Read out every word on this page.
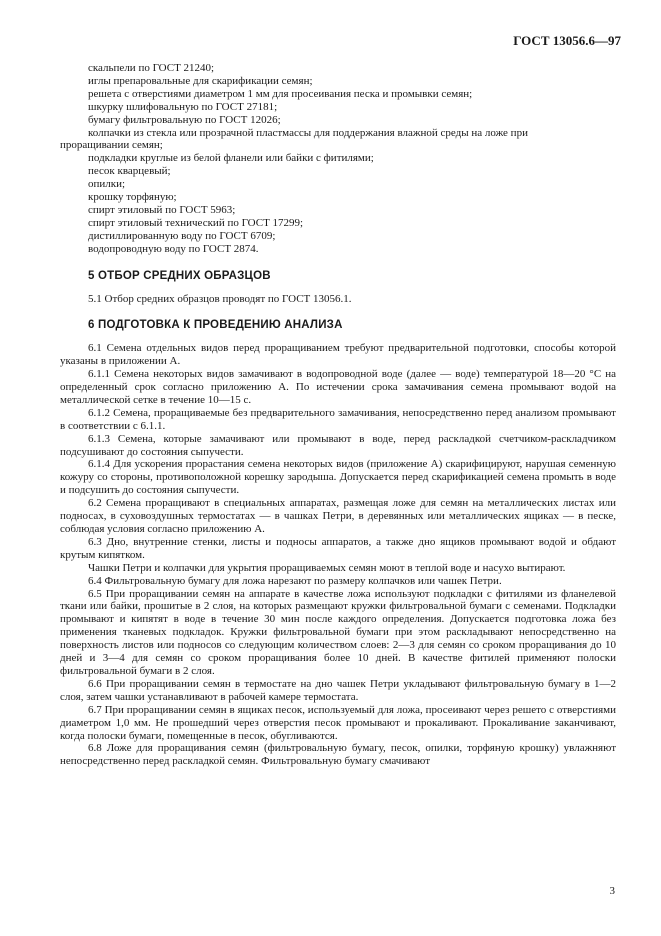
ГОСТ 13056.6—97
скальпели по ГОСТ 21240;
иглы препаровальные для скарификации семян;
решета с отверстиями диаметром 1 мм для просеивания песка и промывки семян;
шкурку шлифовальную по ГОСТ 27181;
бумагу фильтровальную по ГОСТ 12026;
колпачки из стекла или прозрачной пластмассы для поддержания влажной среды на ложе при
проращивании семян;
подкладки круглые из белой фланели или байки с фитилями;
песок кварцевый;
опилки;
крошку торфяную;
спирт этиловый по ГОСТ 5963;
спирт этиловый технический по ГОСТ 17299;
дистиллированную воду по ГОСТ 6709;
водопроводную воду по ГОСТ 2874.
5 ОТБОР СРЕДНИХ ОБРАЗЦОВ

5.1 Отбор средних образцов проводят по ГОСТ 13056.1.

6 ПОДГОТОВКА К ПРОВЕДЕНИЮ АНАЛИЗА

6.1 Семена отдельных видов перед проращиванием требуют предварительной подготовки, способы которой указаны в приложении А.

6.1.1 Семена некоторых видов замачивают в водопроводной воде (далее — воде) температурой 18—20 °С на определенный срок согласно приложению А. По истечении срока замачивания семена промывают водой на металлической сетке в течение 10—15 с.

6.1.2 Семена, проращиваемые без предварительного замачивания, непосредственно перед анализом промывают в соответствии с 6.1.1.

6.1.3 Семена, которые замачивают или промывают в воде, перед раскладкой счетчиком-раскладчиком подсушивают до состояния сыпучести.

6.1.4 Для ускорения прорастания семена некоторых видов (приложение А) скарифицируют, нарушая семенную кожуру со стороны, противоположной корешку зародыша. Допускается перед скарификацией семена промыть в воде и подсушить до состояния сыпучести.

6.2 Семена проращивают в специальных аппаратах, размещая ложе для семян на металлических листах или подносах, в суховоздушных термостатах — в чашках Петри, в деревянных или металлических ящиках — в песке, соблюдая условия согласно приложению А.

6.3 Дно, внутренние стенки, листы и подносы аппаратов, а также дно ящиков промывают водой и обдают крутым кипятком.

Чашки Петри и колпачки для укрытия проращиваемых семян моют в теплой воде и насухо вытирают.

6.4 Фильтровальную бумагу для ложа нарезают по размеру колпачков или чашек Петри.

6.5 При проращивании семян на аппарате в качестве ложа используют подкладки с фитилями из фланелевой ткани или байки, прошитые в 2 слоя, на которых размещают кружки фильтровальной бумаги с семенами. Подкладки промывают и кипятят в воде в течение 30 мин после каждого определения. Допускается подготовка ложа без применения тканевых подкладок. Кружки фильтровальной бумаги при этом раскладывают непосредственно на поверхность листов или подносов со следующим количеством слоев: 2—3 для семян со сроком проращивания до 10 дней и 3—4 для семян со сроком проращивания более 10 дней. В качестве фитилей применяют полоски фильтровальной бумаги в 2 слоя.

6.6 При проращивании семян в термостате на дно чашек Петри укладывают фильтровальную бумагу в 1—2 слоя, затем чашки устанавливают в рабочей камере термостата.

6.7 При проращивании семян в ящиках песок, используемый для ложа, просеивают через решето с отверстиями диаметром 1,0 мм. Не прошедший через отверстия песок промывают и прокаливают. Прокаливание заканчивают, когда полоски бумаги, помещенные в песок, обугливаются.

6.8 Ложе для проращивания семян (фильтровальную бумагу, песок, опилки, торфяную крошку) увлажняют непосредственно перед раскладкой семян. Фильтровальную бумагу смачивают

3
